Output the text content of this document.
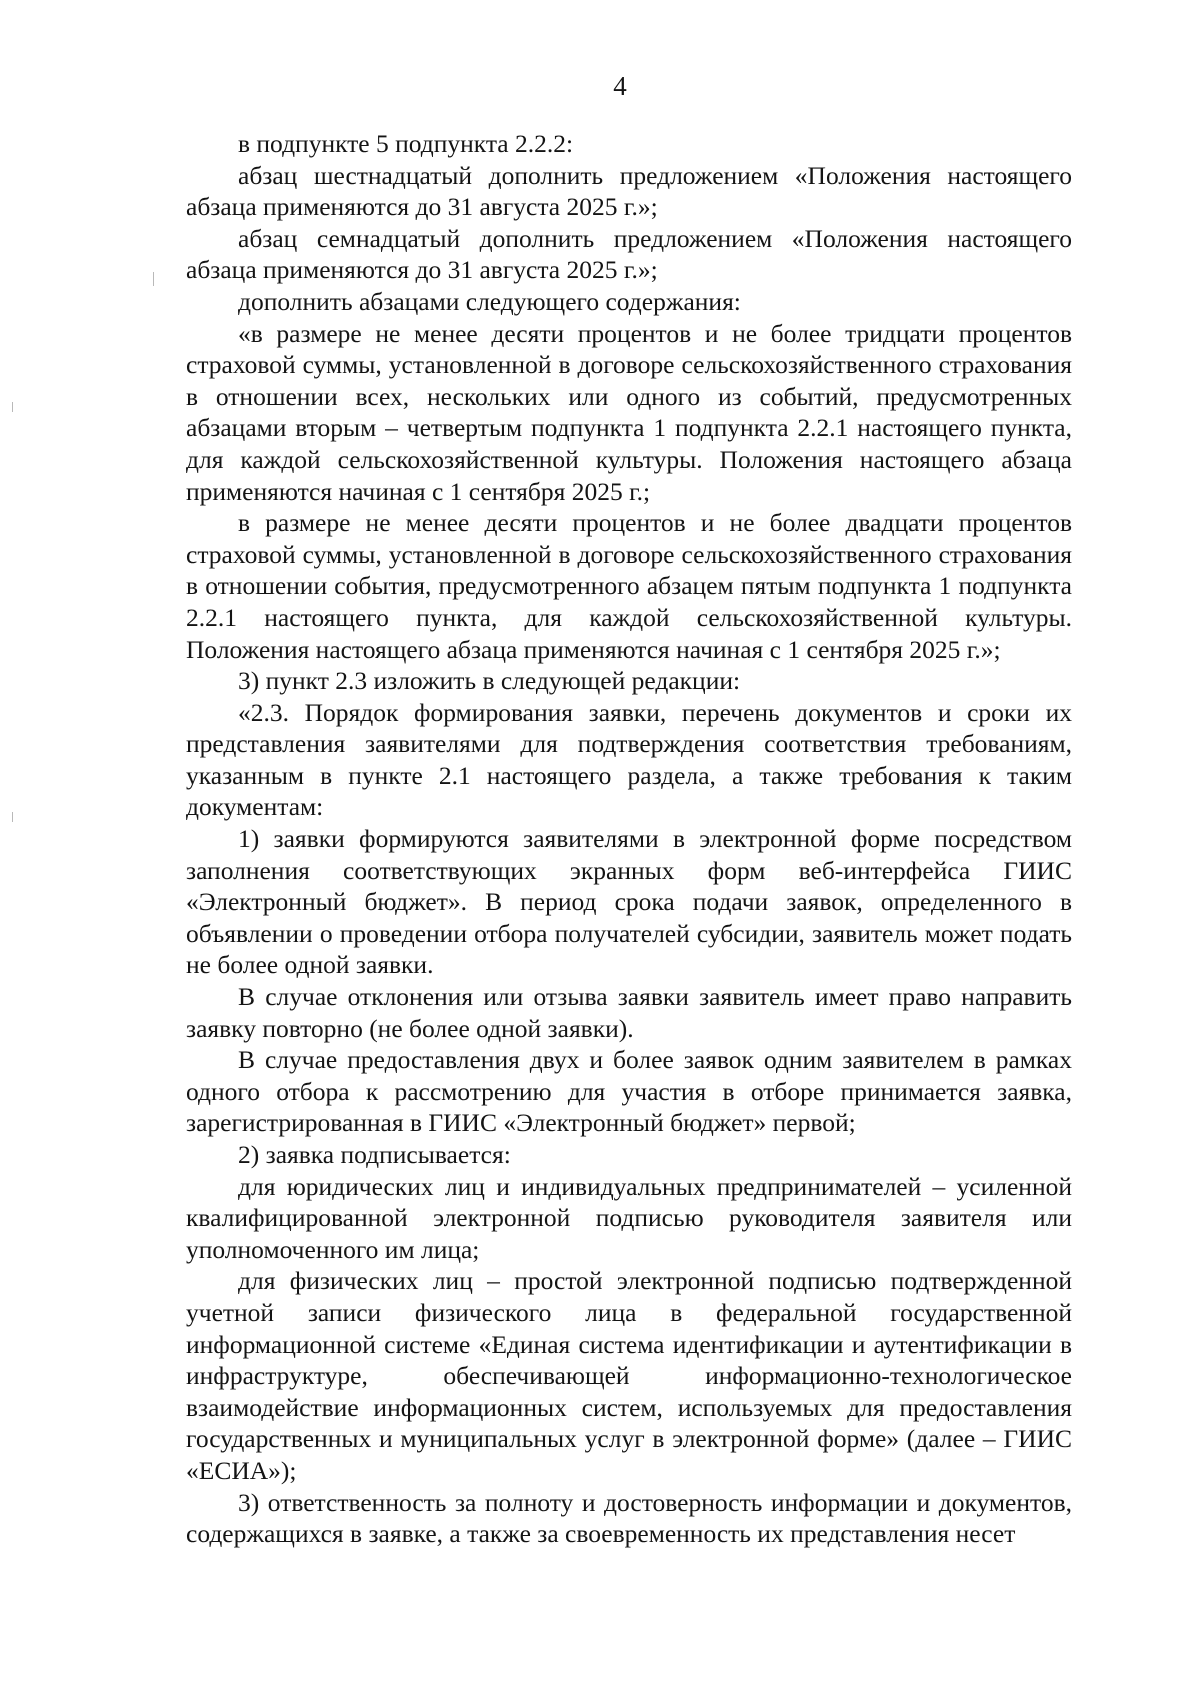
4

в подпункте 5 подпункта 2.2.2:

абзац шестнадцатый дополнить предложением «Положения настоящего абзаца применяются до 31 августа 2025 г.»;

абзац семнадцатый дополнить предложением «Положения настоящего абзаца применяются до 31 августа 2025 г.»;

дополнить абзацами следующего содержания:

«в размере не менее десяти процентов и не более тридцати процентов страховой суммы, установленной в договоре сельскохозяйственного страхования в отношении всех, нескольких или одного из событий, предусмотренных абзацами вторым – четвертым подпункта 1 подпункта 2.2.1 настоящего пункта, для каждой сельскохозяйственной культуры. Положения настоящего абзаца применяются начиная с 1 сентября 2025 г.;

в размере не менее десяти процентов и не более двадцати процентов страховой суммы, установленной в договоре сельскохозяйственного страхования в отношении события, предусмотренного абзацем пятым подпункта 1 подпункта 2.2.1 настоящего пункта, для каждой сельскохозяйственной культуры. Положения настоящего абзаца применяются начиная с 1 сентября 2025 г.»;

3) пункт 2.3 изложить в следующей редакции:

«2.3. Порядок формирования заявки, перечень документов и сроки их представления заявителями для подтверждения соответствия требованиям, указанным в пункте 2.1 настоящего раздела, а также требования к таким документам:

1) заявки формируются заявителями в электронной форме посредством заполнения соответствующих экранных форм веб-интерфейса ГИИС «Электронный бюджет». В период срока подачи заявок, определенного в объявлении о проведении отбора получателей субсидии, заявитель может подать не более одной заявки.

В случае отклонения или отзыва заявки заявитель имеет право направить заявку повторно (не более одной заявки).

В случае предоставления двух и более заявок одним заявителем в рамках одного отбора к рассмотрению для участия в отборе принимается заявка, зарегистрированная в ГИИС «Электронный бюджет» первой;

2) заявка подписывается:

для юридических лиц и индивидуальных предпринимателей – усиленной квалифицированной электронной подписью руководителя заявителя или уполномоченного им лица;

для физических лиц – простой электронной подписью подтвержденной учетной записи физического лица в федеральной государственной информационной системе «Единая система идентификации и аутентификации в инфраструктуре, обеспечивающей информационно-технологическое взаимодействие информационных систем, используемых для предоставления государственных и муниципальных услуг в электронной форме» (далее – ГИИС «ЕСИА»);

3) ответственность за полноту и достоверность информации и документов, содержащихся в заявке, а также за своевременность их представления несет
